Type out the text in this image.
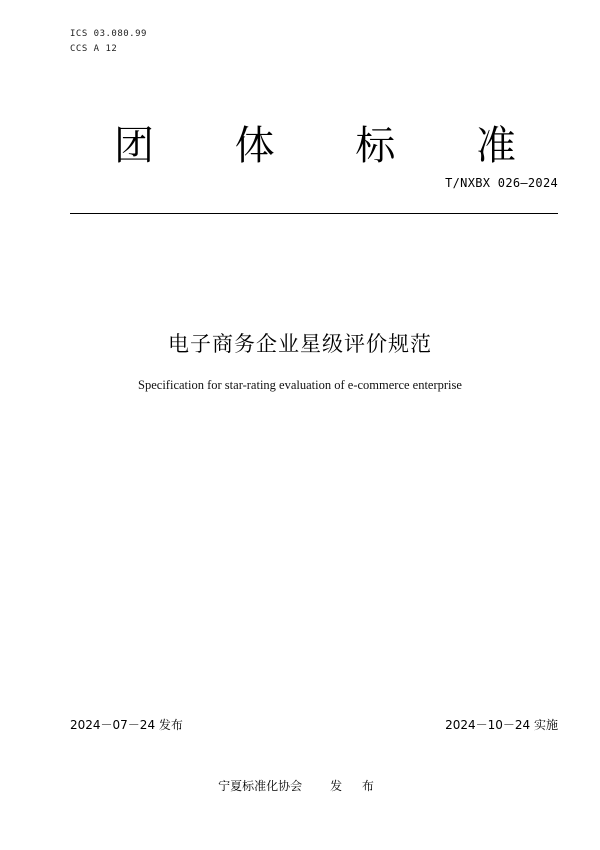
ICS 03.080.99
CCS A 12
团 体 标 准
T/NXBX 026—2024
电子商务企业星级评价规范
Specification for star-rating evaluation of e-commerce enterprise
2024－07－24 发布	2024－10－24 实施
宁夏标准化协会 发 布
